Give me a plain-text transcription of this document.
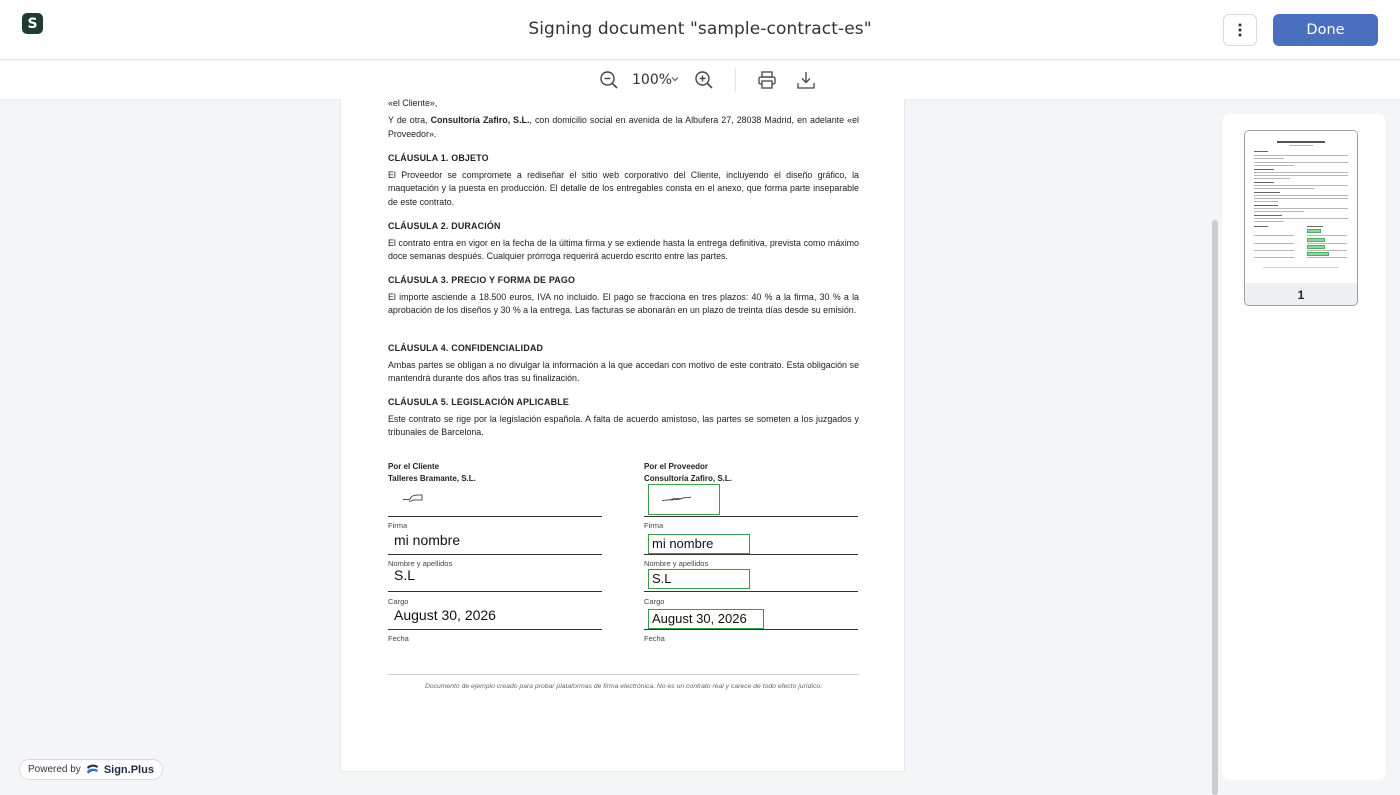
S	Signing document "sample-contract-es"	Done
100%
«el Cliente»,

Y de otra, Consultoría Zafiro, S.L., con domicilio social en avenida de la Albufera 27, 28038 Madrid, en adelante «el Proveedor».

CLÁUSULA 1. OBJETO

El Proveedor se compromete a rediseñar el sitio web corporativo del Cliente, incluyendo el diseño gráfico, la maquetación y la puesta en producción. El detalle de los entregables consta en el anexo, que forma parte inseparable de este contrato.

CLÁUSULA 2. DURACIÓN

El contrato entra en vigor en la fecha de la última firma y se extiende hasta la entrega definitiva, prevista como máximo doce semanas después. Cualquier prórroga requerirá acuerdo escrito entre las partes.

CLÁUSULA 3. PRECIO Y FORMA DE PAGO

El importe asciende a 18.500 euros, IVA no incluido. El pago se fracciona en tres plazos: 40 % a la firma, 30 % a la aprobación de los diseños y 30 % a la entrega. Las facturas se abonarán en un plazo de treinta días desde su emisión.

CLÁUSULA 4. CONFIDENCIALIDAD

Ambas partes se obligan a no divulgar la información a la que accedan con motivo de este contrato. Esta obligación se mantendrá durante dos años tras su finalización.

CLÁUSULA 5. LEGISLACIÓN APLICABLE

Este contrato se rige por la legislación española. A falta de acuerdo amistoso, las partes se someten a los juzgados y tribunales de Barcelona.

Por el Cliente
Talleres Bramante, S.L.
Firma
mi nombre
Nombre y apellidos
S.L
Cargo
August 30, 2026
Fecha
Por el Proveedor
Consultoría Zafiro, S.L.
Firma
mi nombre
Nombre y apellidos
S.L
Cargo
August 30, 2026
Fecha
Documento de ejemplo creado para probar plataformas de firma electrónica. No es un contrato real y carece de todo efecto jurídico.
1
Powered by Sign.Plus
